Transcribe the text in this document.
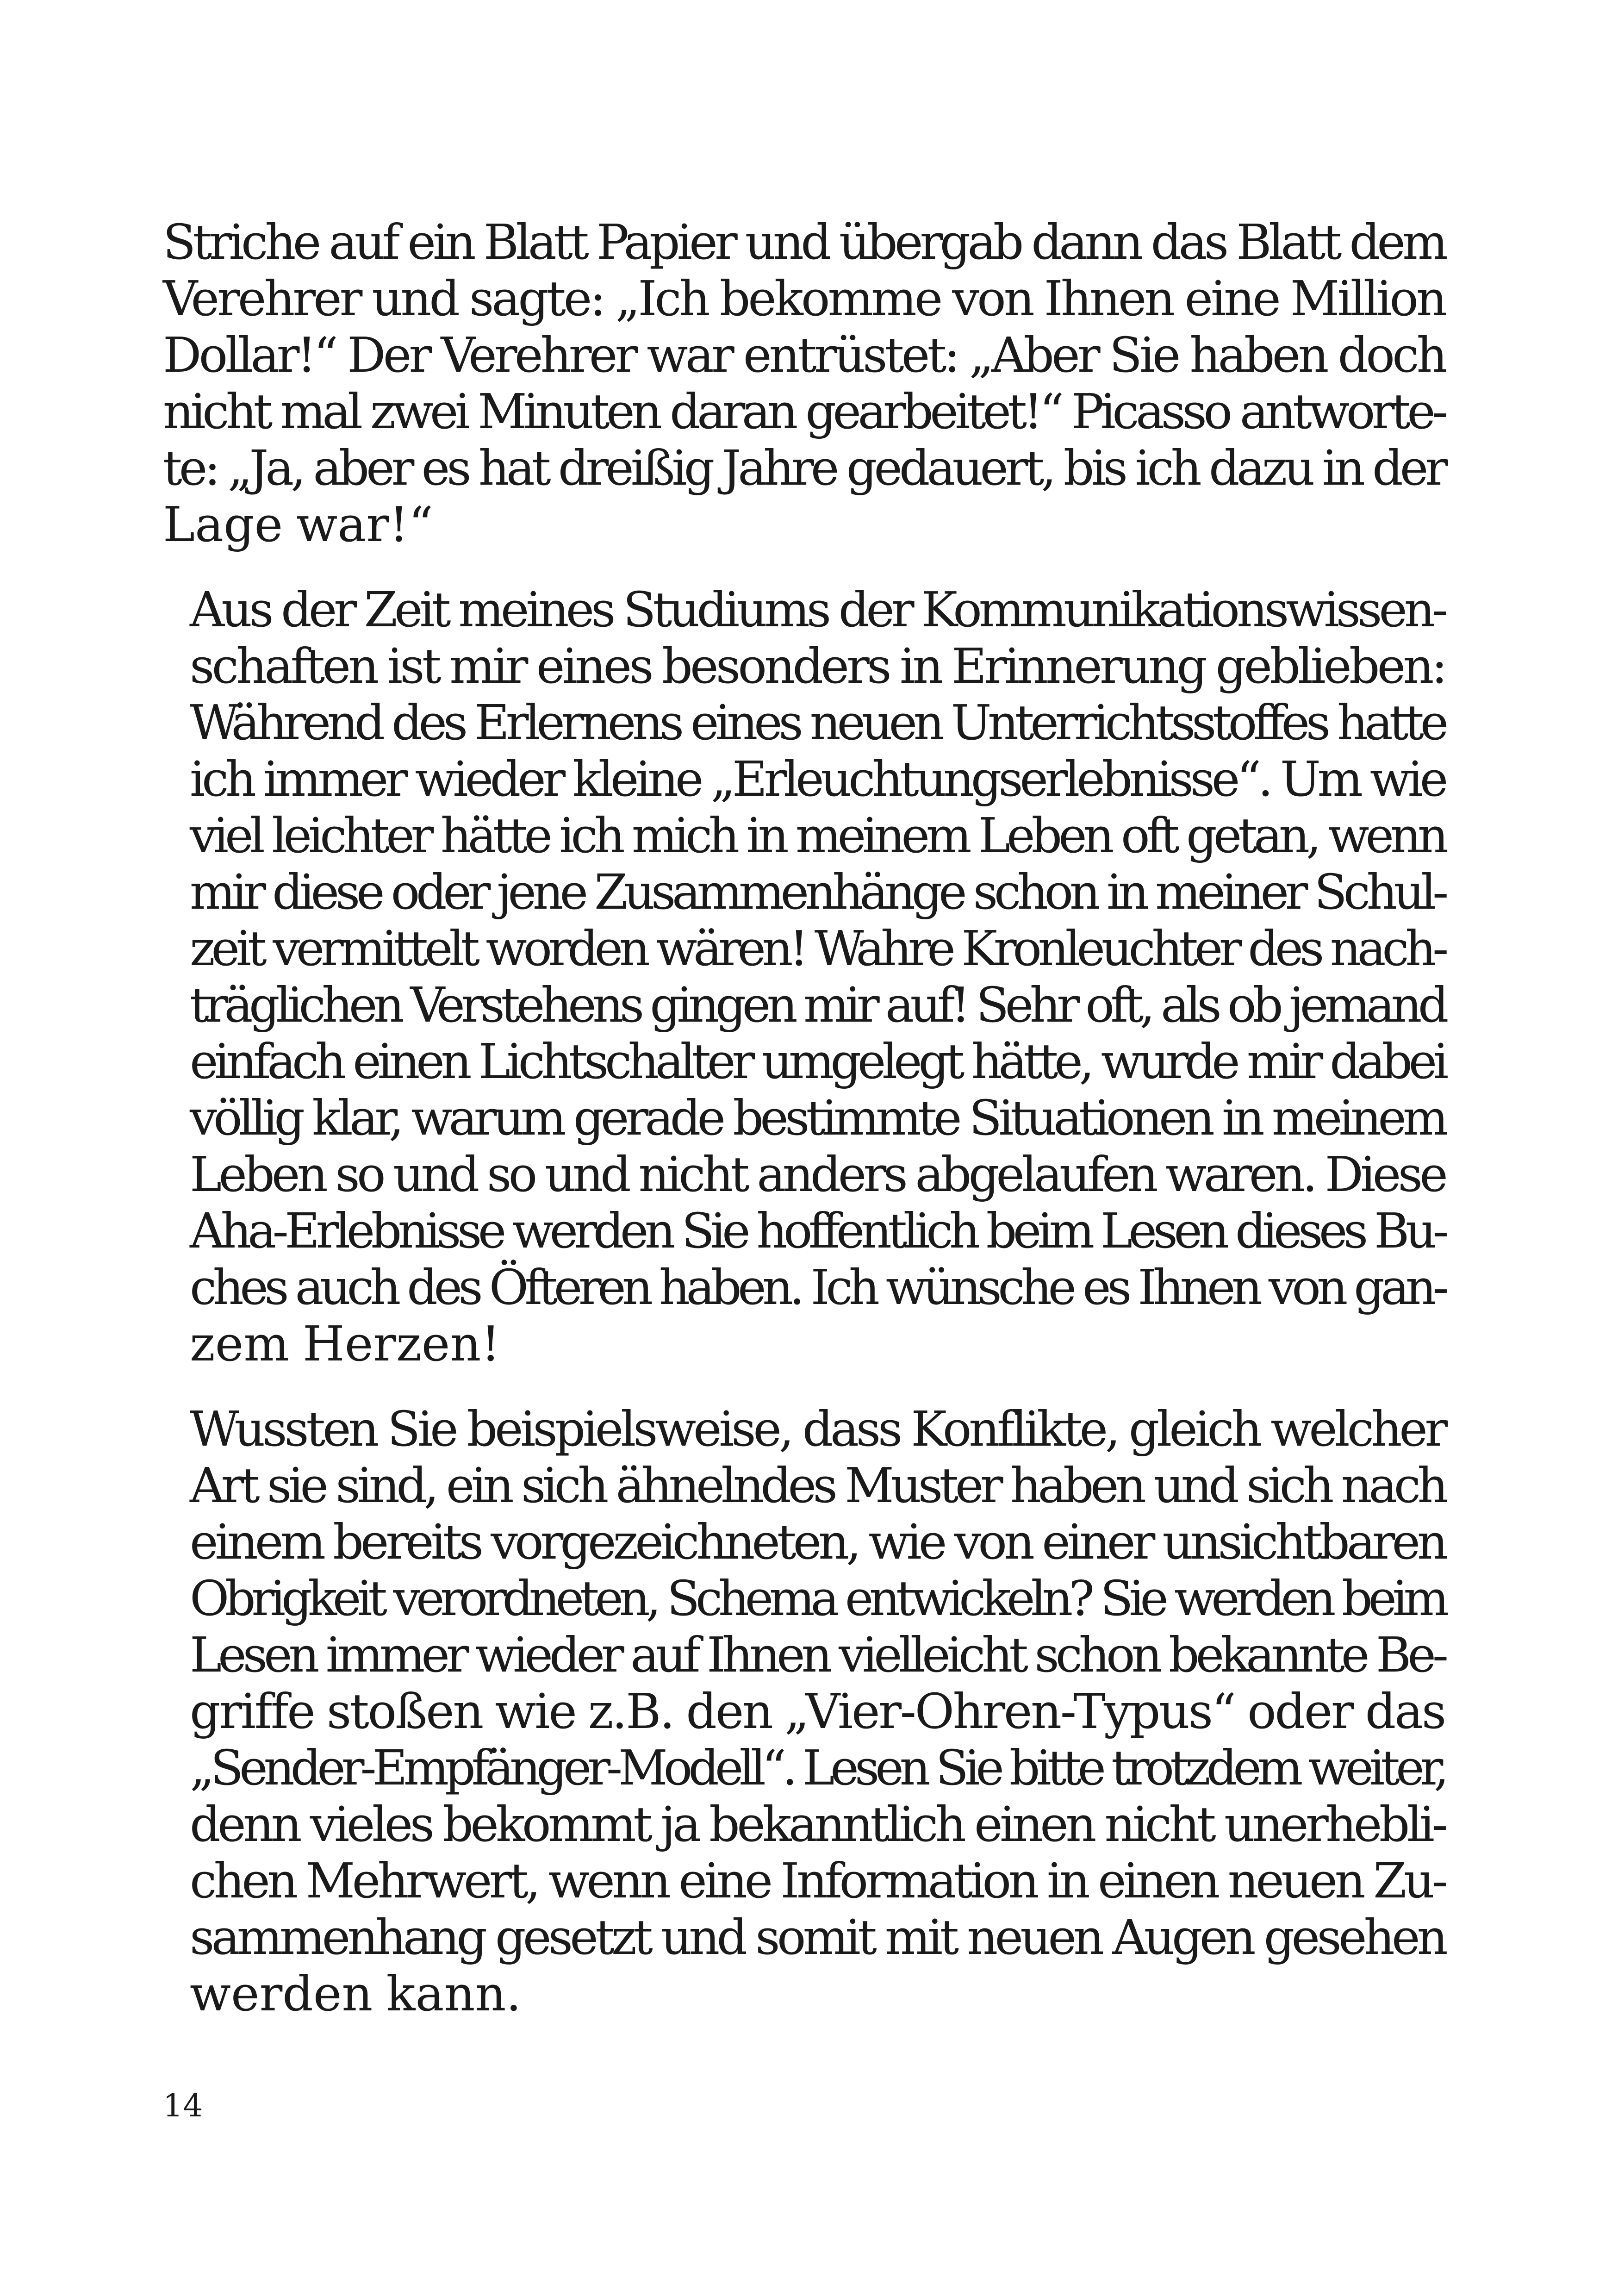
Striche auf ein Blatt Papier und übergab dann das Blatt dem
Verehrer und sagte: „Ich bekomme von Ihnen eine Million
Dollar!“ Der Verehrer war entrüstet: „Aber Sie haben doch
nicht mal zwei Minuten daran gearbeitet!“ Picasso antworte-
te: „Ja, aber es hat dreißig Jahre gedauert, bis ich dazu in der
Lage war!“

Aus der Zeit meines Studiums der Kommunikationswissen-
schaften ist mir eines besonders in Erinnerung geblieben:
Während des Erlernens eines neuen Unterrichtsstoffes hatte
ich immer wieder kleine „Erleuchtungserlebnisse“. Um wie
viel leichter hätte ich mich in meinem Leben oft getan, wenn
mir diese oder jene Zusammenhänge schon in meiner Schul-
zeit vermittelt worden wären! Wahre Kronleuchter des nach-
träglichen Verstehens gingen mir auf! Sehr oft, als ob jemand
einfach einen Lichtschalter umgelegt hätte, wurde mir dabei
völlig klar, warum gerade bestimmte Situationen in meinem
Leben so und so und nicht anders abgelaufen waren. Diese
Aha-Erlebnisse werden Sie hoffentlich beim Lesen dieses Bu-
ches auch des Öfteren haben. Ich wünsche es Ihnen von gan-
zem Herzen!

Wussten Sie beispielsweise, dass Konflikte, gleich welcher
Art sie sind, ein sich ähnelndes Muster haben und sich nach
einem bereits vorgezeichneten, wie von einer unsichtbaren
Obrigkeit verordneten, Schema entwickeln? Sie werden beim
Lesen immer wieder auf Ihnen vielleicht schon bekannte Be-
griffe stoßen wie z.B. den „Vier-Ohren-Typus“ oder das
„Sender-Empfänger-Modell“. Lesen Sie bitte trotzdem weiter,
denn vieles bekommt ja bekanntlich einen nicht unerhebli-
chen Mehrwert, wenn eine Information in einen neuen Zu-
sammenhang gesetzt und somit mit neuen Augen gesehen
werden kann.

14
